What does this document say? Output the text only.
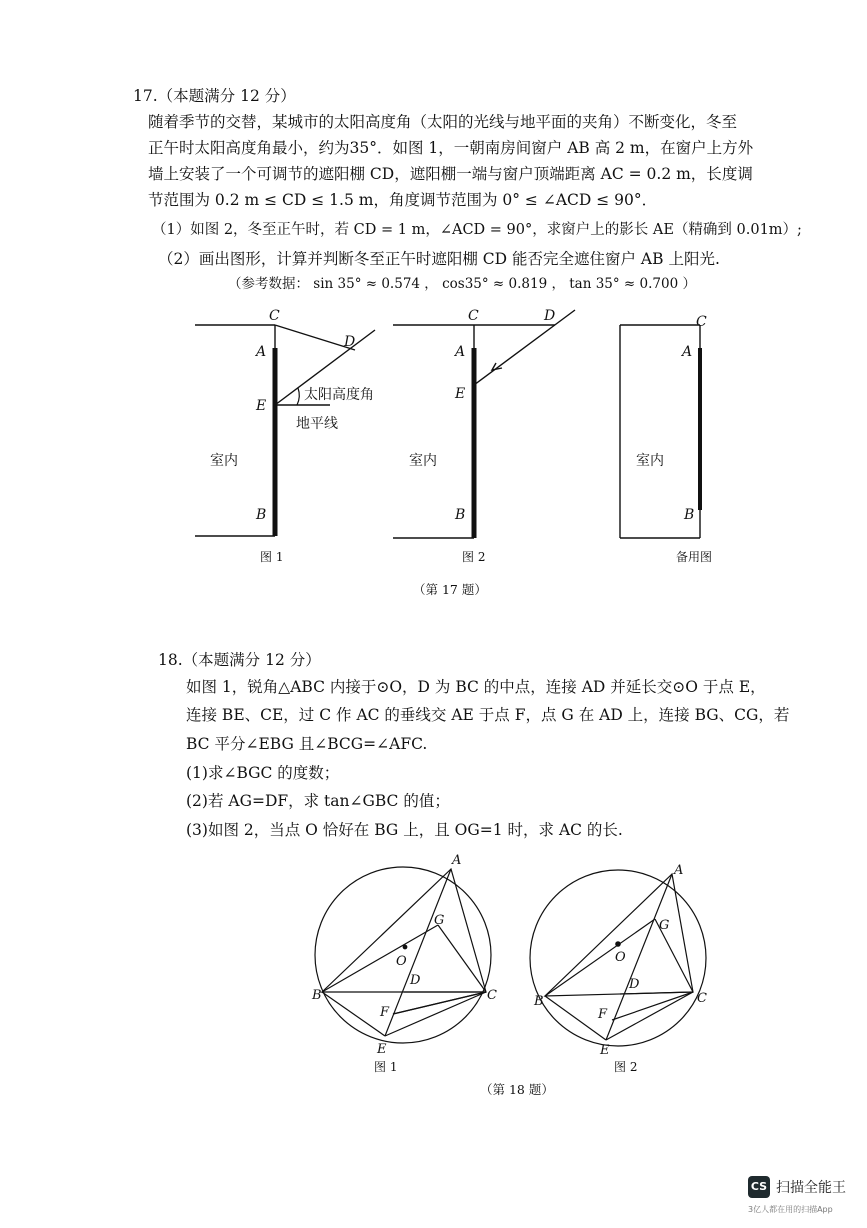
17.（本题满分 12 分）
随着季节的交替，某城市的太阳高度角（太阳的光线与地平面的夹角）不断变化，冬至
正午时太阳高度角最小，约为35°．如图 1，一朝南房间窗户 AB 高 2 m，在窗户上方外
墙上安装了一个可调节的遮阳棚 CD，遮阳棚一端与窗户顶端距离 AC = 0.2 m，长度调
节范围为 0.2 m ≤ CD ≤ 1.5 m，角度调节范围为 0° ≤ ∠ACD ≤ 90°．
（1）如图 2，冬至正午时，若 CD = 1 m，∠ACD = 90°，求窗户上的影长 AE（精确到 0.01m）;
（2）画出图形，计算并判断冬至正午时遮阳棚 CD 能否完全遮住窗户 AB 上阳光.
（参考数据： sin 35° ≈ 0.574 ， cos35° ≈ 0.819 ， tan 35° ≈ 0.700 ）
C
A
D
E
B
太阳高度角
地平线
室内
图 1
C	D
A
E
B
室内
图 2
C
A
B
室内
备用图
（第 17 题）
18.（本题满分 12 分）
如图 1，锐角△ABC 内接于⊙O，D 为 BC 的中点，连接 AD 并延长交⊙O 于点 E，
连接 BE、CE，过 C 作 AC 的垂线交 AE 于点 F，点 G 在 AD 上，连接 BG、CG，若
BC 平分∠EBG 且∠BCG=∠AFC.
(1)求∠BGC 的度数；
(2)若 AG=DF，求 tan∠GBC 的值；
(3)如图 2，当点 O 恰好在 BG 上，且 OG=1 时，求 AC 的长.
A
G
O
D
B	C
F
E
图 1
A
G
O
D
B	C
F
E
图 2
（第 18 题）
CS 扫描全能王
3亿人都在用的扫描App
